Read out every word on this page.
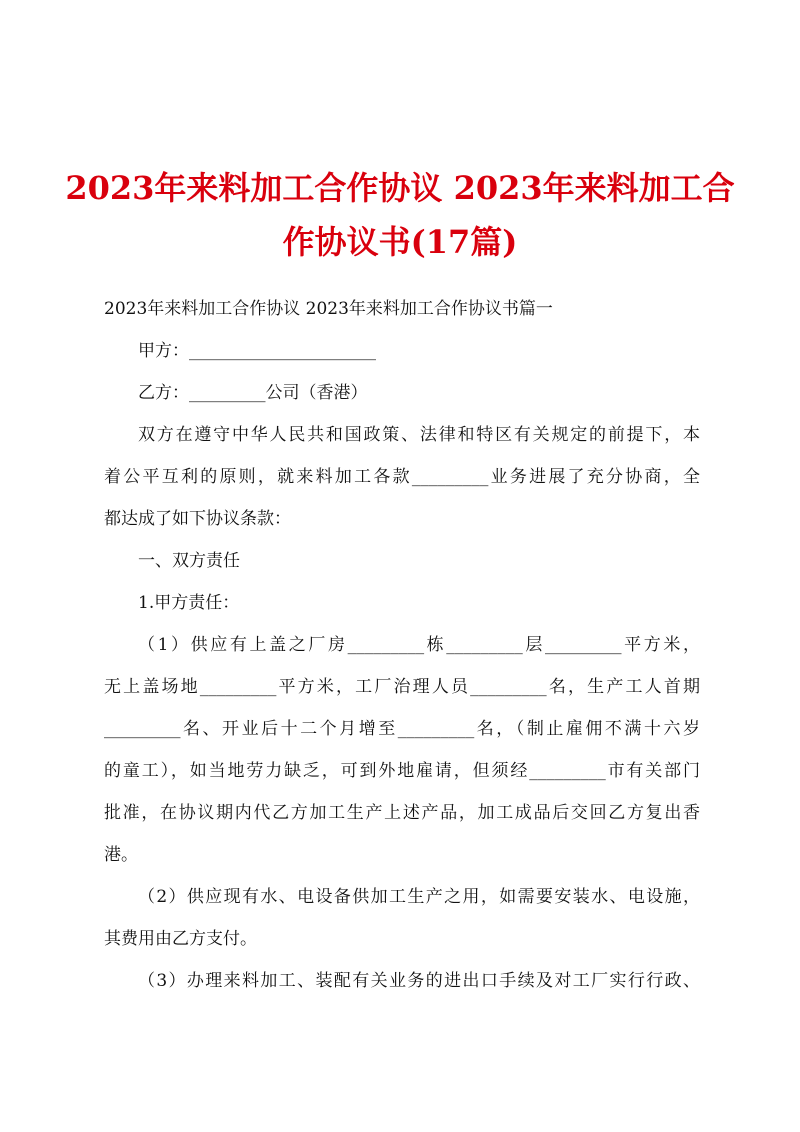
2023年来料加工合作协议 2023年来料加工合
作协议书(17篇)

2023年来料加工合作协议 2023年来料加工合作协议书篇一

甲方：______________________

乙方：_________公司（香港）

双方在遵守中华人民共和国政策、法律和特区有关规定的前提下，本
着公平互利的原则，就来料加工各款_________业务进展了充分协商，全
都达成了如下协议条款：

一、双方责任

1.甲方责任：

（1）供应有上盖之厂房_________栋_________层_________平方米，
无上盖场地_________平方米，工厂治理人员_________名，生产工人首期
_________名、开业后十二个月增至_________名，（制止雇佣不满十六岁
的童工），如当地劳力缺乏，可到外地雇请，但须经_________市有关部门
批准，在协议期内代乙方加工生产上述产品，加工成品后交回乙方复出香
港。

（2）供应现有水、电设备供加工生产之用，如需要安装水、电设施，
其费用由乙方支付。

（3）办理来料加工、装配有关业务的进出口手续及对工厂实行行政、
